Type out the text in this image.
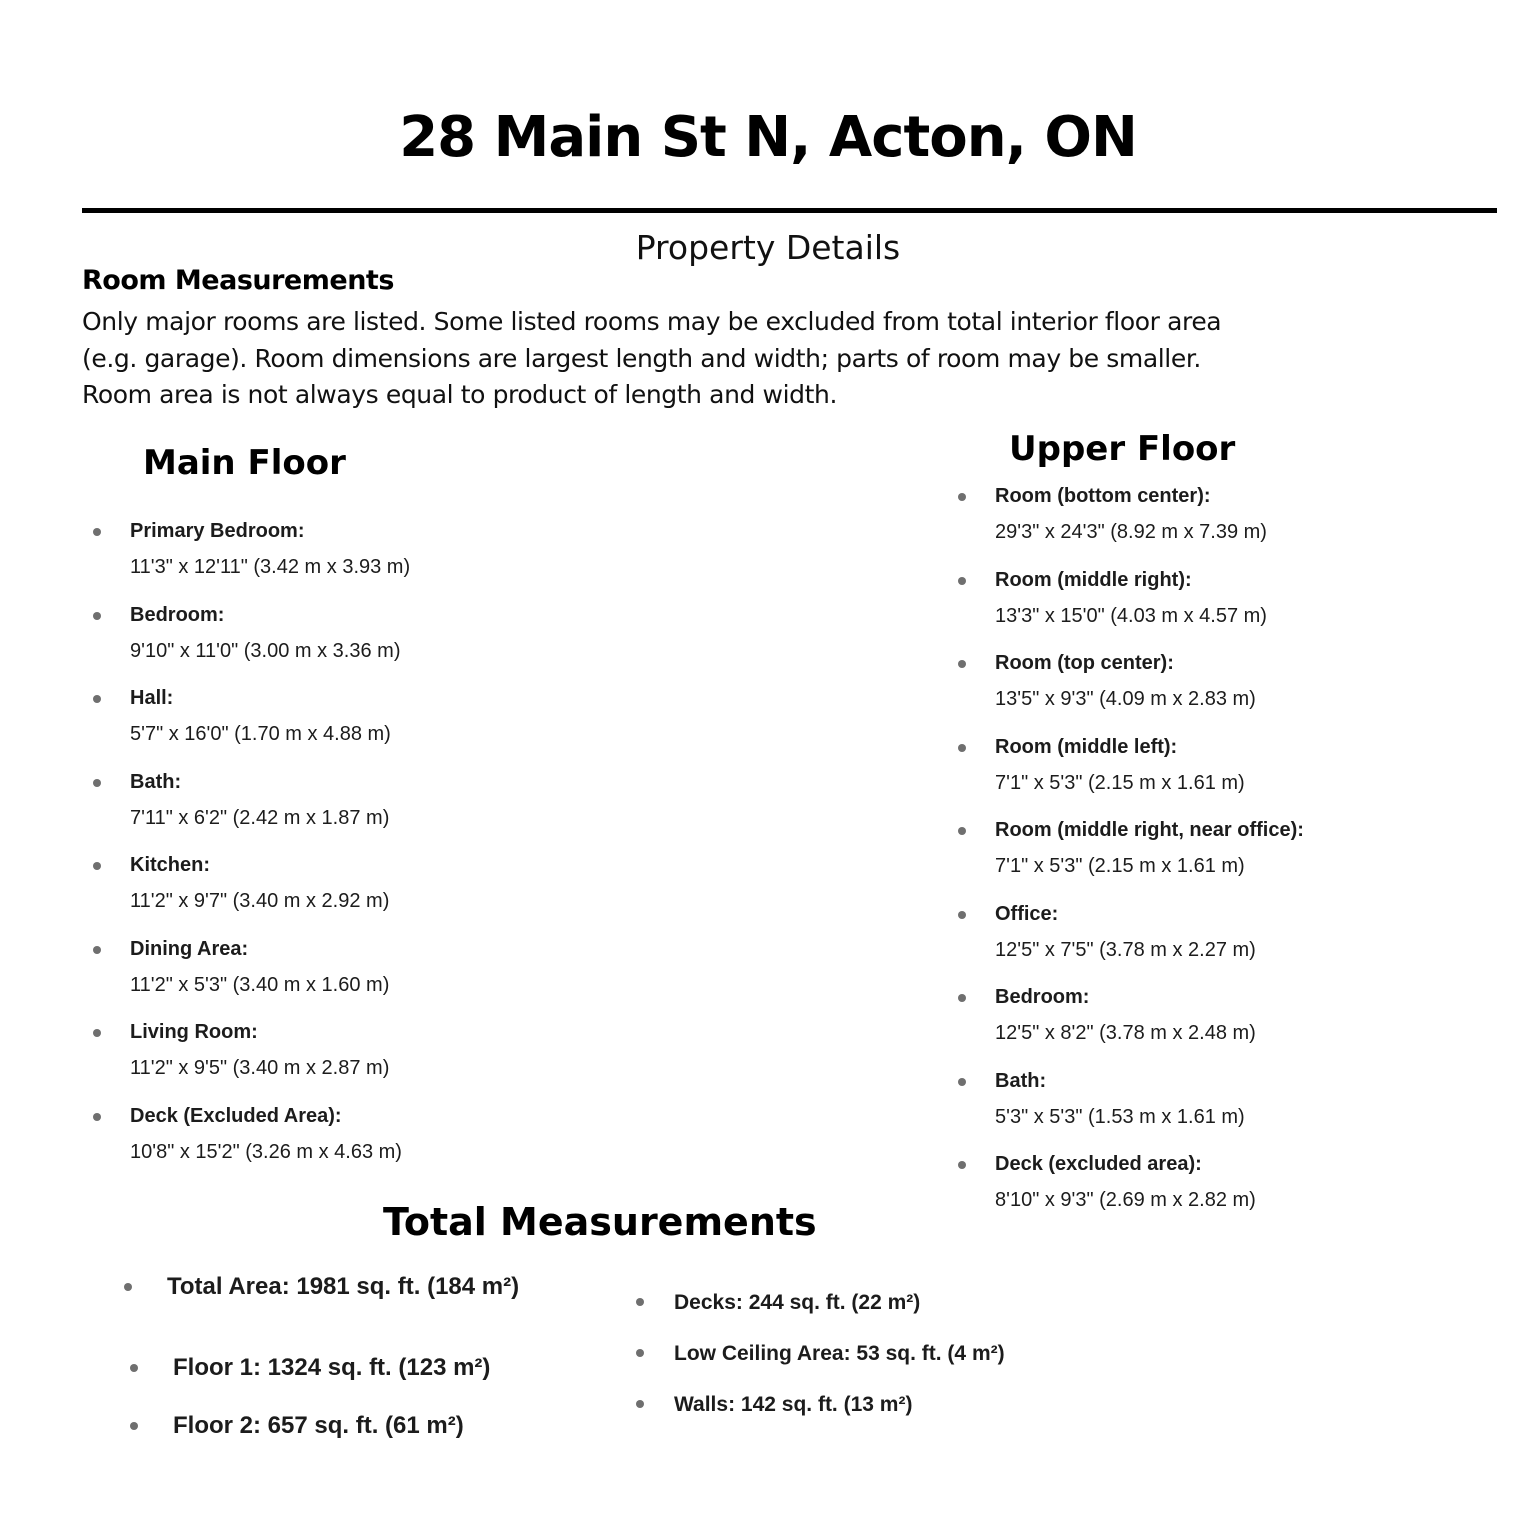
28 Main St N, Acton, ON
Property Details
Room Measurements
Only major rooms are listed. Some listed rooms may be excluded from total interior floor area
(e.g. garage). Room dimensions are largest length and width; parts of room may be smaller.
Room area is not always equal to product of length and width.
Main Floor
Primary Bedroom:
11'3" x 12'11" (3.42 m x 3.93 m)
Bedroom:
9'10" x 11'0" (3.00 m x 3.36 m)
Hall:
5'7" x 16'0" (1.70 m x 4.88 m)
Bath:
7'11" x 6'2" (2.42 m x 1.87 m)
Kitchen:
11'2" x 9'7" (3.40 m x 2.92 m)
Dining Area:
11'2" x 5'3" (3.40 m x 1.60 m)
Living Room:
11'2" x 9'5" (3.40 m x 2.87 m)
Deck (Excluded Area):
10'8" x 15'2" (3.26 m x 4.63 m)
Upper Floor
Room (bottom center):
29'3" x 24'3" (8.92 m x 7.39 m)
Room (middle right):
13'3" x 15'0" (4.03 m x 4.57 m)
Room (top center):
13'5" x 9'3" (4.09 m x 2.83 m)
Room (middle left):
7'1" x 5'3" (2.15 m x 1.61 m)
Room (middle right, near office):
7'1" x 5'3" (2.15 m x 1.61 m)
Office:
12'5" x 7'5" (3.78 m x 2.27 m)
Bedroom:
12'5" x 8'2" (3.78 m x 2.48 m)
Bath:
5'3" x 5'3" (1.53 m x 1.61 m)
Deck (excluded area):
8'10" x 9'3" (2.69 m x 2.82 m)
Total Measurements
Total Area: 1981 sq. ft. (184 m²)
Floor 1: 1324 sq. ft. (123 m²)
Floor 2: 657 sq. ft. (61 m²)
Decks: 244 sq. ft. (22 m²)
Low Ceiling Area: 53 sq. ft. (4 m²)
Walls: 142 sq. ft. (13 m²)
